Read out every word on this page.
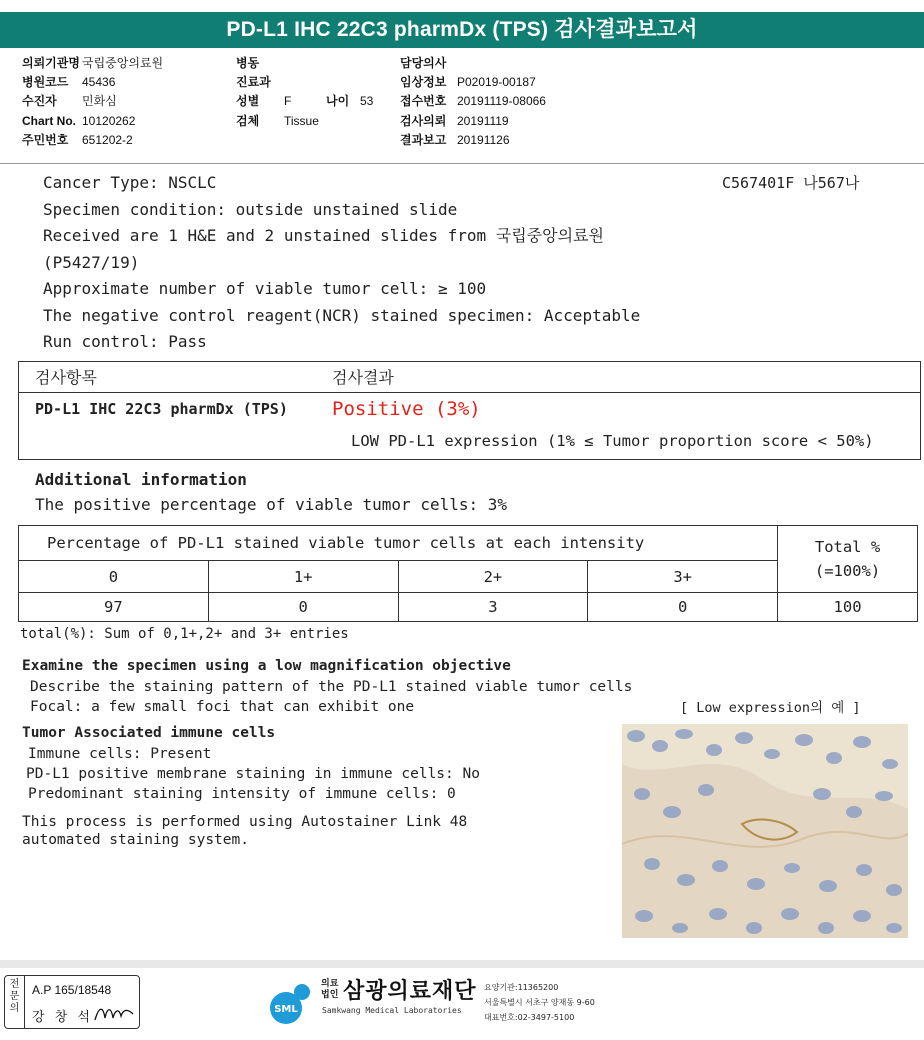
PD-L1 IHC 22C3 pharmDx (TPS) 검사결과보고서
의뢰기관명 국립중앙의료원
병원코드 45436
수진자 민화심
Chart No. 10120262
주민번호 651202-2
병동
진료과
성별 F	나이 53
검체 Tissue
담당의사
임상정보 P02019-00187
접수번호 20191119-08066
검사의뢰 20191119
결과보고 20191126
C567401F 나567나
Cancer Type: NSCLC
Specimen condition: outside unstained slide
Received are 1 H&E and 2 unstained slides from 국립중앙의료원
(P5427/19)
Approximate number of viable tumor cell: ≥ 100
The negative control reagent(NCR) stained specimen: Acceptable
Run control: Pass
검사항목	검사결과
PD-L1 IHC 22C3 pharmDx (TPS) Positive (3%)
LOW PD-L1 expression (1% ≤ Tumor proportion score < 50%)
Additional information
The positive percentage of viable tumor cells: 3%
Percentage of PD-L1 stained viable tumor cells at each intensity				Total %
(=100%)
0	1+	2+	3+	
97	0	3	0	100
total(%): Sum of 0,1+,2+ and 3+ entries
Examine the specimen using a low magnification objective
Describe the staining pattern of the PD-L1 stained viable tumor cells
Focal: a few small foci that can exhibit one
Tumor Associated immune cells
Immune cells: Present
PD-L1 positive membrane staining in immune cells: No
Predominant staining intensity of immune cells: 0
This process is performed using Autostainer Link 48
automated staining system.
[ Low expression의 예 ]
전문의
A.P 165/18548
강 창 석
SML
의료
법인 삼광의료재단
Samkwang Medical Laboratories
요양기관:11365200
서울특별시 서초구 양재동 9-60
대표번호:02-3497-5100
